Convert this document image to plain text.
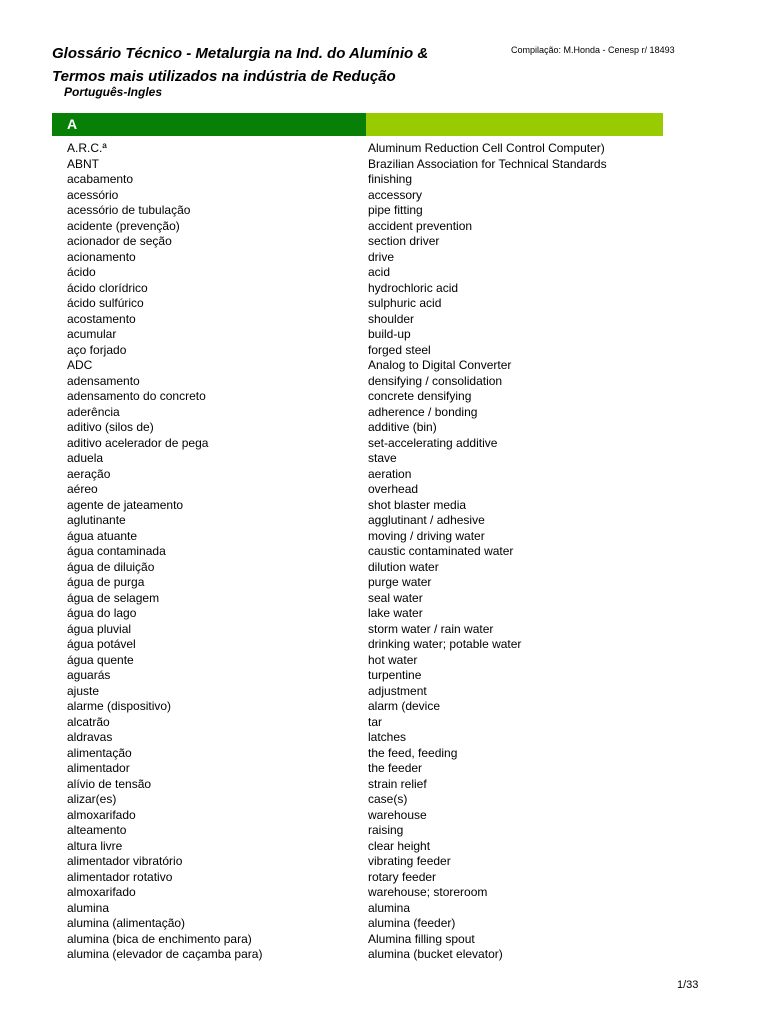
Glossário Técnico - Metalurgia na Ind. do Alumínio &
Termos mais utilizados na indústria de Redução
Português-Ingles
Compilação: M.Honda - Cenesp r/ 18493
A
A.R.C.ª	Aluminum Reduction Cell Control Computer)
ABNT	Brazilian Association for Technical Standards
acabamento	finishing
acessório	accessory
acessório de tubulação	pipe fitting
acidente (prevenção)	accident prevention
acionador de seção	section driver
acionamento	drive
ácido	acid
ácido clorídrico	hydrochloric acid
ácido sulfúrico	sulphuric acid
acostamento	shoulder
acumular	build-up
aço forjado	forged steel
ADC	Analog to Digital Converter
adensamento	densifying / consolidation
adensamento do concreto	concrete densifying
aderência	adherence / bonding
aditivo (silos de)	additive (bin)
aditivo acelerador de pega	set-accelerating additive
aduela	stave
aeração	aeration
aéreo	overhead
agente de jateamento	shot blaster media
aglutinante	agglutinant / adhesive
água atuante	moving / driving water
água contaminada	caustic contaminated water
água de diluição	dilution water
água de purga	purge water
água de selagem	seal water
água do lago	lake water
água pluvial	storm water / rain water
água potável	drinking water; potable water
água quente	hot water
aguarás	turpentine
ajuste	adjustment
alarme (dispositivo)	alarm (device
alcatrão	tar
aldravas	latches
alimentação	the feed, feeding
alimentador	the feeder
alívio de tensão	strain relief
alizar(es)	case(s)
almoxarifado	warehouse
alteamento	raising
altura livre	clear height
alimentador vibratório	vibrating feeder
alimentador rotativo	rotary feeder
almoxarifado	warehouse; storeroom
alumina	alumina
alumina (alimentação)	alumina (feeder)
alumina (bica de enchimento para)	Alumina filling spout
alumina (elevador de caçamba para)	alumina (bucket elevator)
1/33
